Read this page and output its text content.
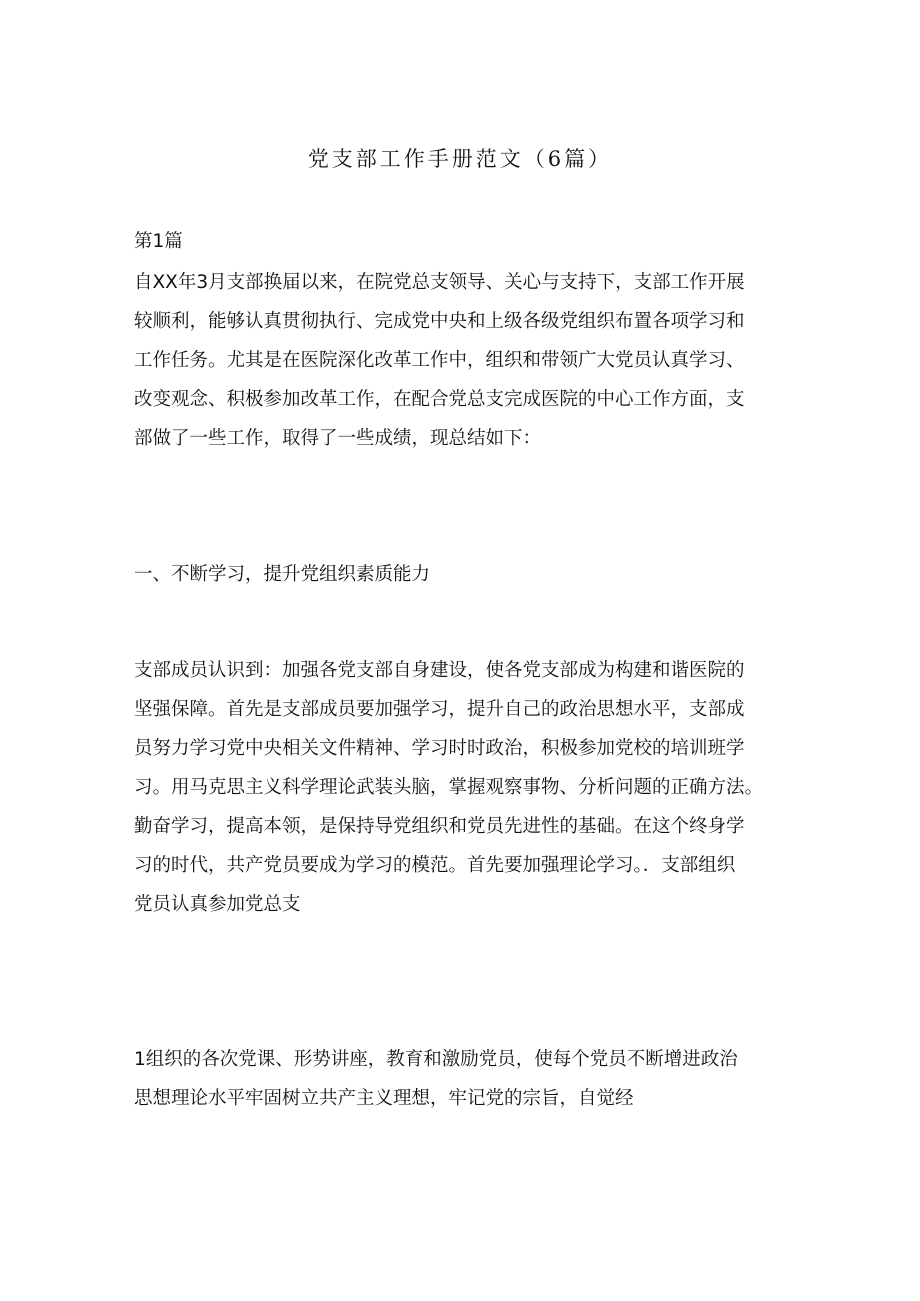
党支部工作手册范文（6篇）
第1篇
自XX年3月支部换届以来，在院党总支领导、关心与支持下，支部工作开展
较顺利，能够认真贯彻执行、完成党中央和上级各级党组织布置各项学习和
工作任务。尤其是在医院深化改革工作中，组织和带领广大党员认真学习、
改变观念、积极参加改革工作，在配合党总支完成医院的中心工作方面，支
部做了一些工作，取得了一些成绩，现总结如下：
一、不断学习，提升党组织素质能力
支部成员认识到：加强各党支部自身建设，使各党支部成为构建和谐医院的
坚强保障。首先是支部成员要加强学习，提升自己的政治思想水平，支部成
员努力学习党中央相关文件精神、学习时时政治，积极参加党校的培训班学
习。用马克思主义科学理论武装头脑，掌握观察事物、分析问题的正确方法。
勤奋学习，提高本领，是保持导党组织和党员先进性的基础。在这个终身学
习的时代，共产党员要成为学习的模范。首先要加强理论学习。．支部组织
党员认真参加党总支
1组织的各次党课、形势讲座，教育和激励党员，使每个党员不断增进政治
思想理论水平牢固树立共产主义理想，牢记党的宗旨，自觉经
